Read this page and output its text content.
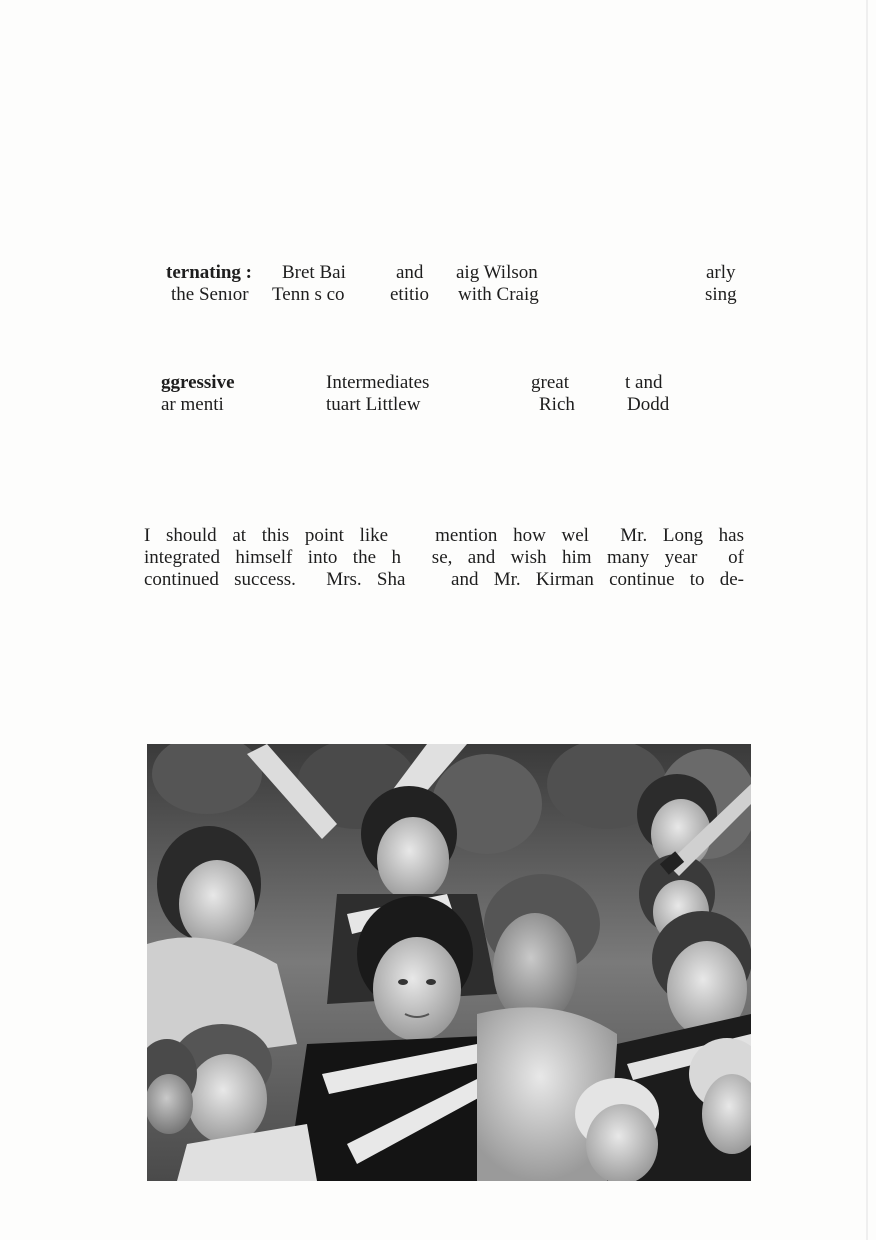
ternating : Bret Bai	and aig Wilson	arly
the Senıor Tenn s co etitio with Craig	sing
ggressive	Intermediates	great	t and
ar menti	tuart Littlew	Rich	Dodd
I should at this point like   mention how wel  Mr. Long has
integrated himself into the h  se, and wish him many year  of
continued success.  Mrs. Sha   and Mr. Kirman continue to de-
